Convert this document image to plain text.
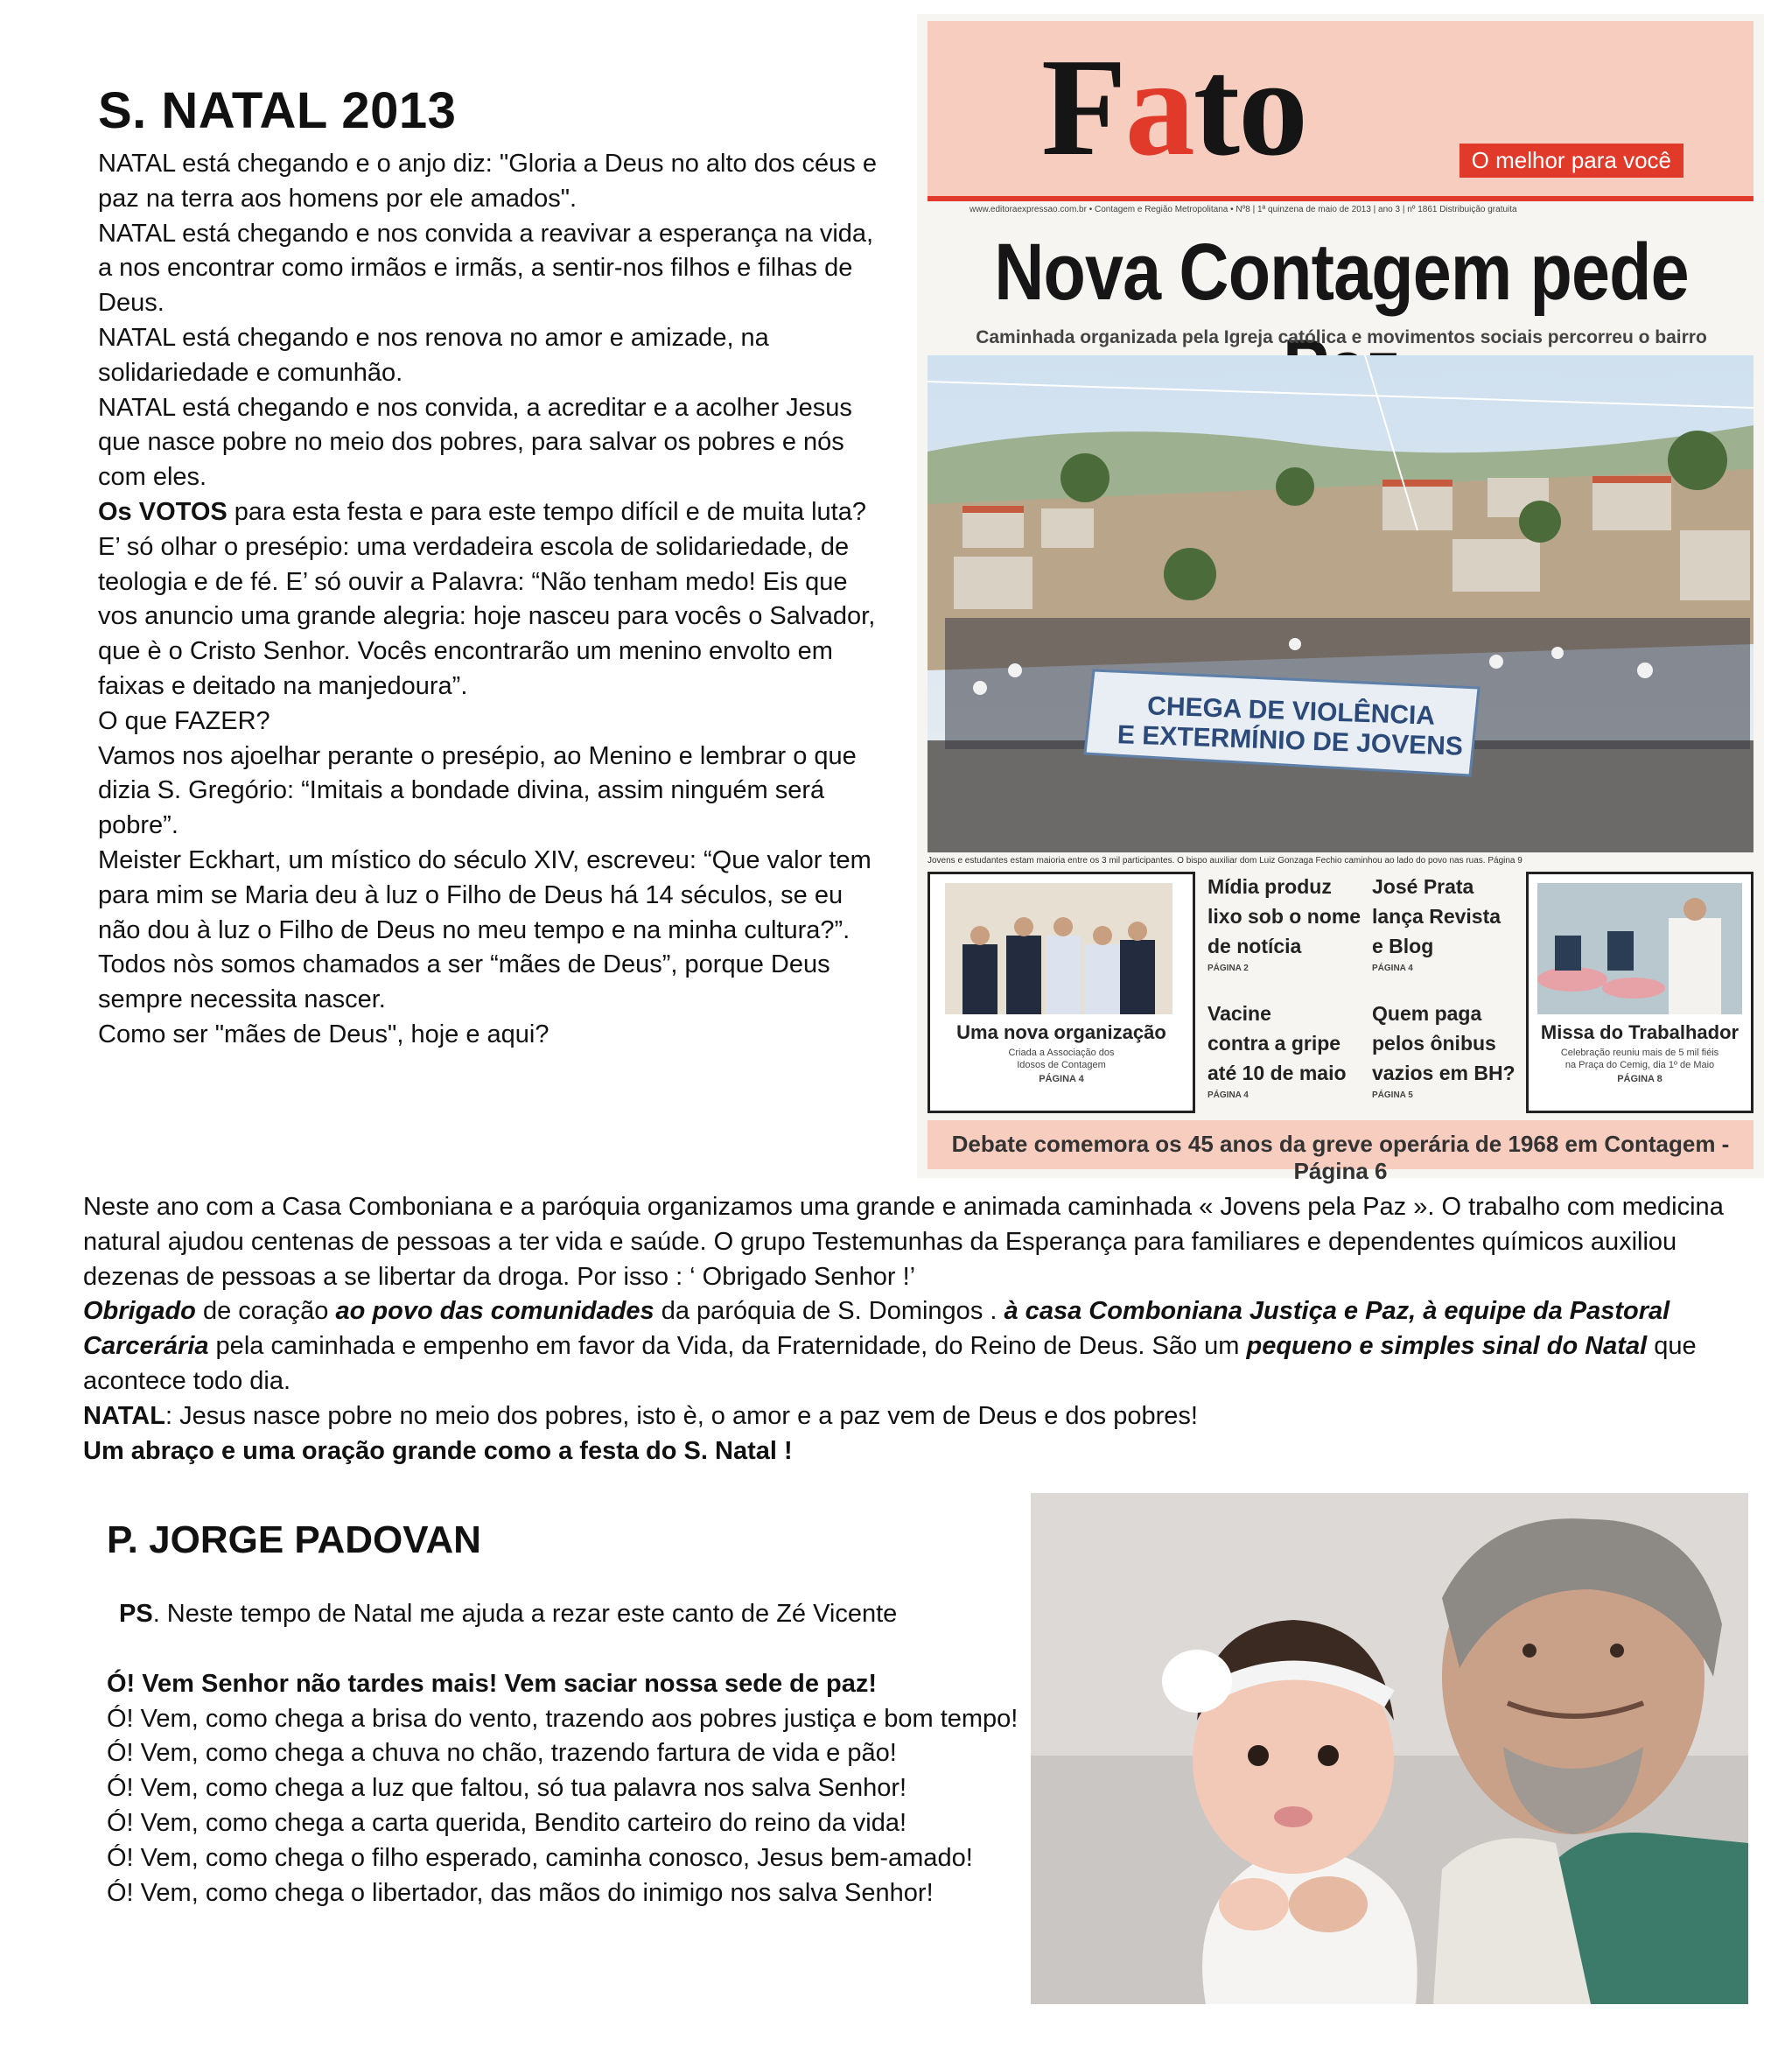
S. NATAL 2013

NATAL está chegando e o anjo diz: "Gloria a Deus no alto dos céus e paz na terra aos homens por ele amados".

NATAL está chegando e nos convida a reavivar a esperança na vida, a nos encontrar como irmãos e irmãs, a sentir-nos filhos e filhas de Deus.

NATAL está chegando e nos renova no amor e amizade, na solidariedade e comunhão.

NATAL está chegando e nos convida, a acreditar e a acolher Jesus que nasce pobre no meio dos pobres, para salvar os pobres e nós com eles.

Os VOTOS para esta festa e para este tempo difícil e de muita luta? E’ só olhar o presépio: uma verdadeira escola de solidariedade, de teologia e de fé. E’ só ouvir a Palavra: “Não tenham medo! Eis que vos anuncio uma grande alegria: hoje nasceu para vocês o Salvador, que è o Cristo Senhor. Vocês encontrarão um menino envolto em faixas e deitado na manjedoura”.

O que FAZER?

Vamos nos ajoelhar perante o presépio, ao Menino e lembrar o que dizia S. Gregório: “Imitais a bondade divina, assim ninguém será pobre”.

Meister Eckhart, um místico do século XIV, escreveu: “Que valor tem para mim se Maria deu à luz o Filho de Deus há 14 séculos, se eu não dou à luz o Filho de Deus no meu tempo e na minha cultura?”. Todos nòs somos chamados a ser “mães de Deus”, porque Deus sempre necessita nascer.

Como ser "mães de Deus", hoje e aqui?

Fato	O melhor para você
www.editoraexpressao.com.br • Contagem e Região Metropolitana • Nº8 | 1ª quinzena de maio de 2013 | ano 3 | nº 1861 Distribuição gratuita
Nova Contagem pede
Caminhada organizada pela Igreja católica e movimentos sociais percorreu o bairro
CHEGA DE VIOLÊNCIA
E EXTERMÍNIO DE JOVENS
Jovens e estudantes estam maioria entre os 3 mil participantes. O bispo auxiliar dom Luiz Gonzaga Fechio caminhou ao lado do povo nas ruas. Página 9
Uma nova organização
Criada a Associação dos
Idosos de Contagem
PÁGINA 4
Mídia produz
lixo sob o nome
de notícia
PÁGINA 2
José Prata
lança Revista
e Blog
PÁGINA 4
Vacine
contra a gripe
até 10 de maio
PÁGINA 4
Quem paga
pelos ônibus
vazios em BH?
PÁGINA 5
Missa do Trabalhador
Celebração reuniu mais de 5 mil fiéis
na Praça do Cemig, dia 1º de Maio
PÁGINA 8
Debate comemora os 45 anos da greve operária de 1968 em Contagem - Página 6

Neste ano com a Casa Comboniana e a paróquia organizamos uma grande e animada caminhada « Jovens pela Paz ». O trabalho com medicina natural ajudou centenas de pessoas a ter vida e saúde. O grupo Testemunhas da Esperança para familiares e dependentes químicos auxiliou dezenas de pessoas a se libertar da droga. Por isso : ‘ Obrigado Senhor !’

Obrigado de coração ao povo das comunidades da paróquia de S. Domingos . à casa Comboniana Justiça e Paz, à equipe da Pastoral Carcerária pela caminhada e empenho em favor da Vida, da Fraternidade, do Reino de Deus. São um pequeno e simples sinal do Natal que acontece todo dia.

NATAL: Jesus nasce pobre no meio dos pobres, isto è, o amor e a paz vem de Deus e dos pobres!

Um abraço e uma oração grande como a festa do S. Natal !

P. JORGE PADOVAN

PS. Neste tempo de Natal me ajuda a rezar este canto de Zé Vicente

Ó! Vem Senhor não tardes mais! Vem saciar nossa sede de paz!

Ó! Vem, como chega a brisa do vento, trazendo aos pobres justiça e bom tempo!

Ó! Vem, como chega a chuva no chão, trazendo fartura de vida e pão!

Ó! Vem, como chega a luz que faltou, só tua palavra nos salva Senhor!

Ó! Vem, como chega a carta querida, Bendito carteiro do reino da vida!

Ó! Vem, como chega o filho esperado, caminha conosco, Jesus bem-amado!

Ó! Vem, como chega o libertador, das mãos do inimigo nos salva Senhor!
